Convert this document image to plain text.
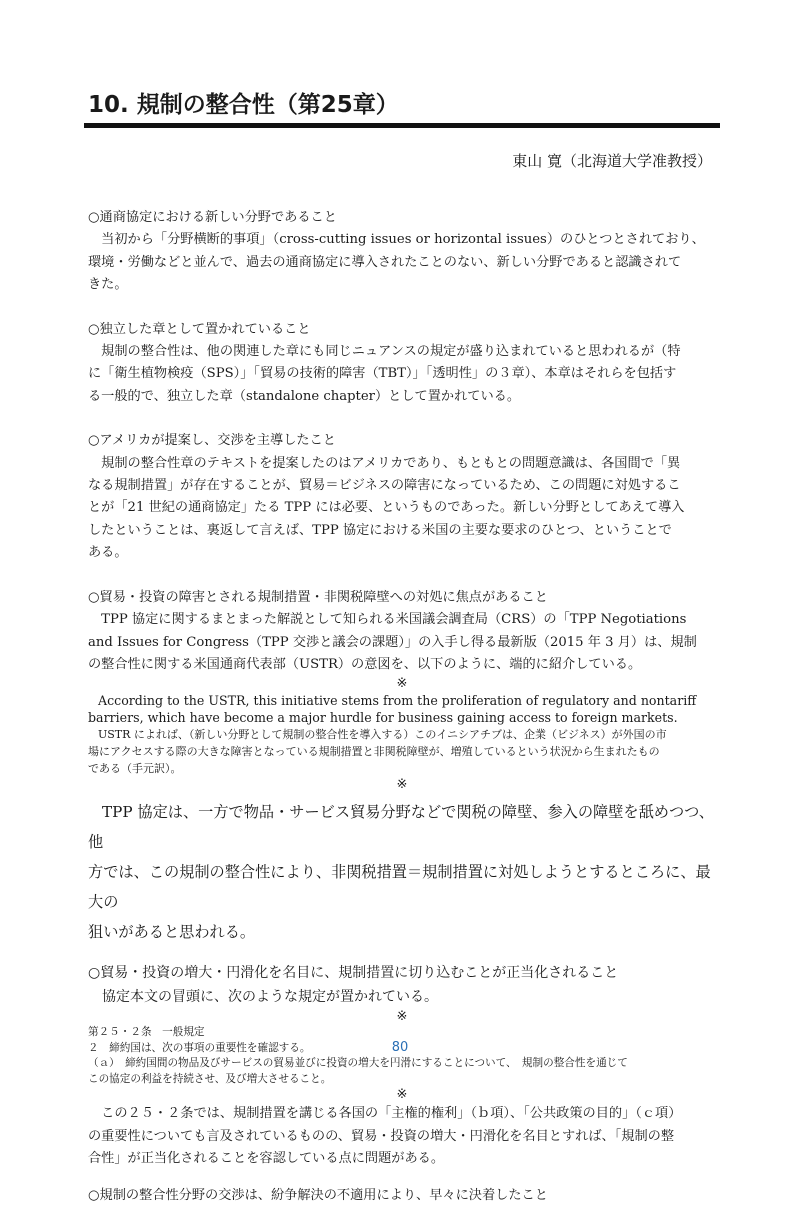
10. 規制の整合性（第25章）
東山 寛（北海道大学准教授）

○通商協定における新しい分野であること

　当初から「分野横断的事項」（cross-cutting issues or horizontal issues）のひとつとされており、

環境・労働などと並んで、過去の通商協定に導入されたことのない、新しい分野であると認識されて

きた。

○独立した章として置かれていること

　規制の整合性は、他の関連した章にも同じニュアンスの規定が盛り込まれていると思われるが（特

に「衛生植物検疫（SPS）」「貿易の技術的障害（TBT）」「透明性」の３章）、本章はそれらを包括す

る一般的で、独立した章（standalone chapter）として置かれている。

○アメリカが提案し、交渉を主導したこと

　規制の整合性章のテキストを提案したのはアメリカであり、もともとの問題意識は、各国間で「異

なる規制措置」が存在することが、貿易＝ビジネスの障害になっているため、この問題に対処するこ

とが「21 世紀の通商協定」たる TPP には必要、というものであった。新しい分野としてあえて導入

したということは、裏返して言えば、TPP 協定における米国の主要な要求のひとつ、ということで

ある。

○貿易・投資の障害とされる規制措置・非関税障壁への対処に焦点があること

　TPP 協定に関するまとまった解説として知られる米国議会調査局（CRS）の「TPP Negotiations

and Issues for Congress（TPP 交渉と議会の課題）」の入手し得る最新版（2015 年 3 月）は、規制

の整合性に関する米国通商代表部（USTR）の意図を、以下のように、端的に紹介している。

※

According to the USTR, this initiative stems from the proliferation of regulatory and nontariff

barriers, which have become a major hurdle for business gaining access to foreign markets.

USTR によれば、（新しい分野として規制の整合性を導入する）このイニシアチブは、企業（ビジネス）が外国の市

場にアクセスする際の大きな障害となっている規制措置と非関税障壁が、増殖しているという状況から生まれたもの

である（手元訳）。

※

TPP 協定は、一方で物品・サービス貿易分野などで関税の障壁、参入の障壁を舐めつつ、他

方では、この規制の整合性により、非関税措置＝規制措置に対処しようとするところに、最大の

狙いがあると思われる。

○貿易・投資の増大・円滑化を名目に、規制措置に切り込むことが正当化されること

協定本文の冒頭に、次のような規定が置かれている。

※

第２５・２条　一般規定

２　締約国は、次の事項の重要性を確認する。

（ａ）　締約国間の物品及びサービスの貿易並びに投資の増大を円滑にすることについて、　規制の整合性を通じて

この協定の利益を持続させ、及び増大させること。

※

　この２５・２条では、規制措置を講じる各国の「主権的権利」（ｂ項）、「公共政策の目的」（ｃ項）

の重要性についても言及されているものの、貿易・投資の増大・円滑化を名目とすれば、「規制の整

合性」が正当化されることを容認している点に問題がある。

○規制の整合性分野の交渉は、紛争解決の不適用により、早々に決着したこと

80
